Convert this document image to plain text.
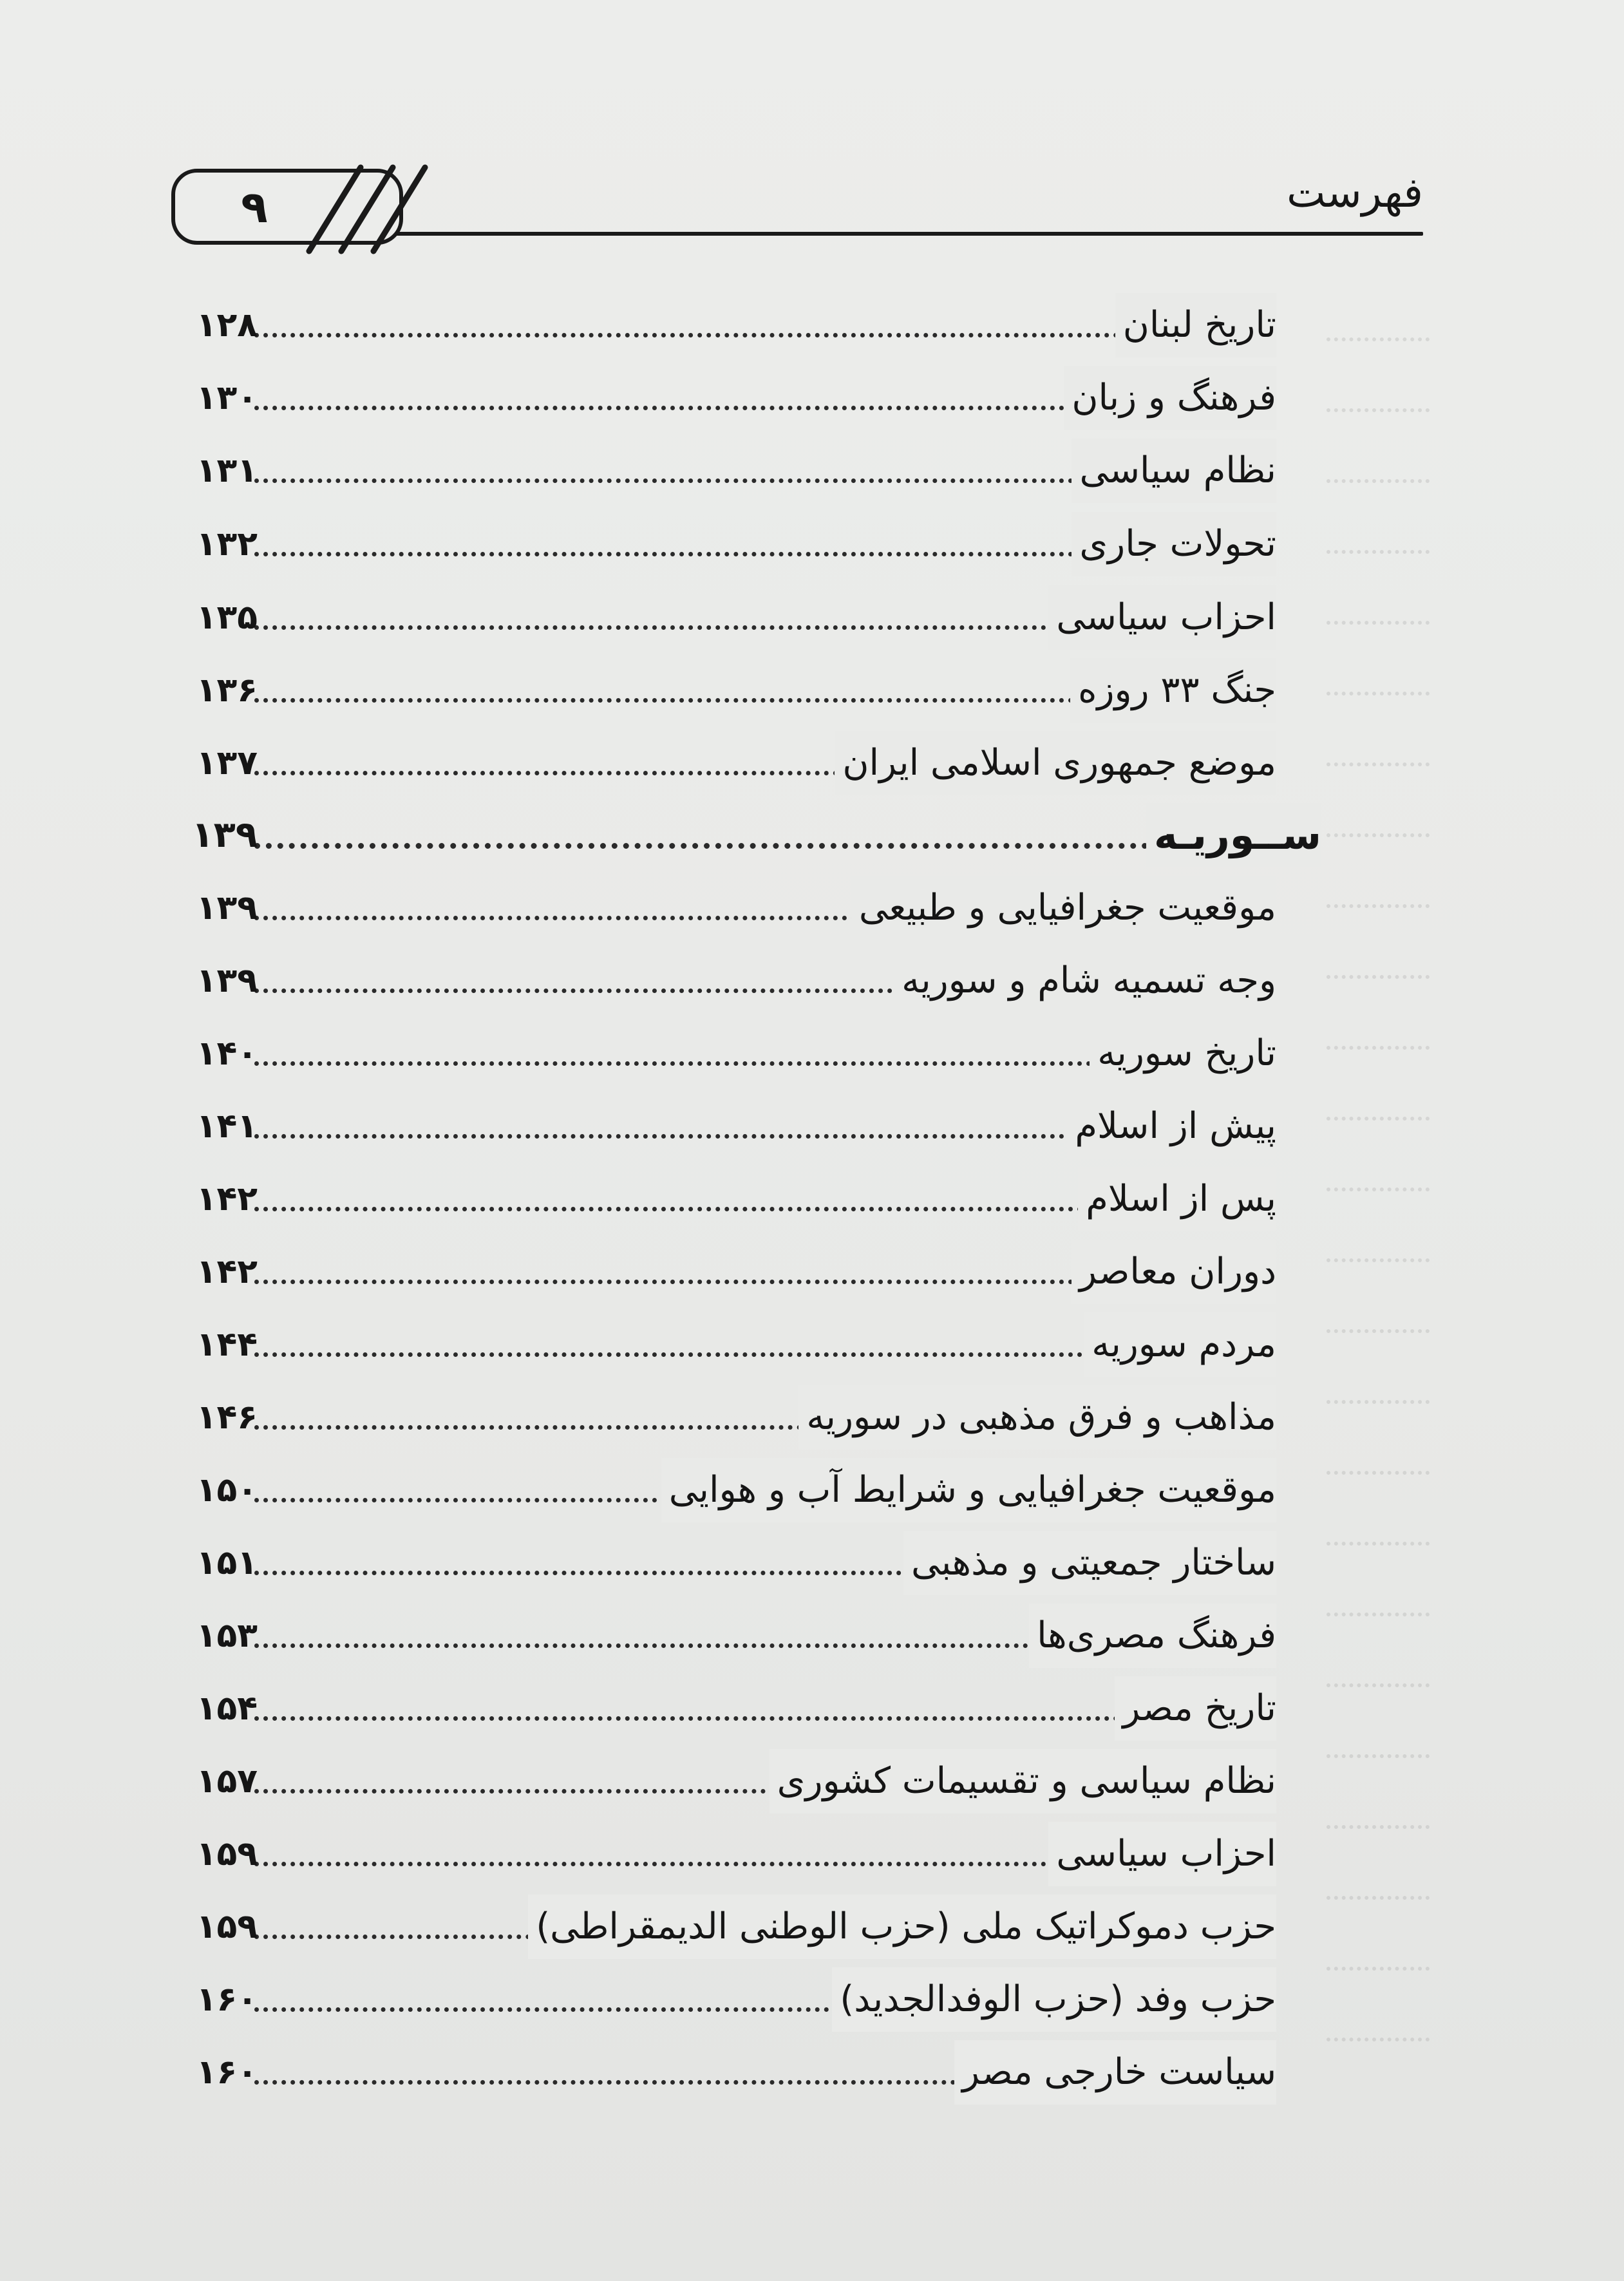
۹	فهرست
تاریخ لبنان
۱۲۸
فرهنگ و زبان
۱۳۰
نظام سیاسی
۱۳۱
تحولات جاری
۱۳۲
احزاب سیاسی
۱۳۵
جنگ ۳۳ روزه
۱۳۶
موضع جمهوری اسلامی ایران
۱۳۷
ســوریـه
۱۳۹
موقعیت جغرافیایی و طبیعی
۱۳۹
وجه تسمیه شام و سوریه
۱۳۹
تاریخ سوریه
۱۴۰
پیش از اسلام
۱۴۱
پس از اسلام
۱۴۲
دوران معاصر
۱۴۲
مردم سوریه
۱۴۴
مذاهب و فرق مذهبی در سوریه
۱۴۶
موقعیت جغرافیایی و شرایط آب و هوایی
۱۵۰
ساختار جمعیتی و مذهبی
۱۵۱
فرهنگ مصری‌ها
۱۵۳
تاریخ مصر
۱۵۴
نظام سیاسی و تقسیمات کشوری
۱۵۷
احزاب سیاسی
۱۵۹
حزب دموکراتیک ملی (حزب الوطنی الدیمقراطی)
۱۵۹
حزب وفد (حزب الوفدالجدید)
۱۶۰
سیاست خارجی مصر
۱۶۰
